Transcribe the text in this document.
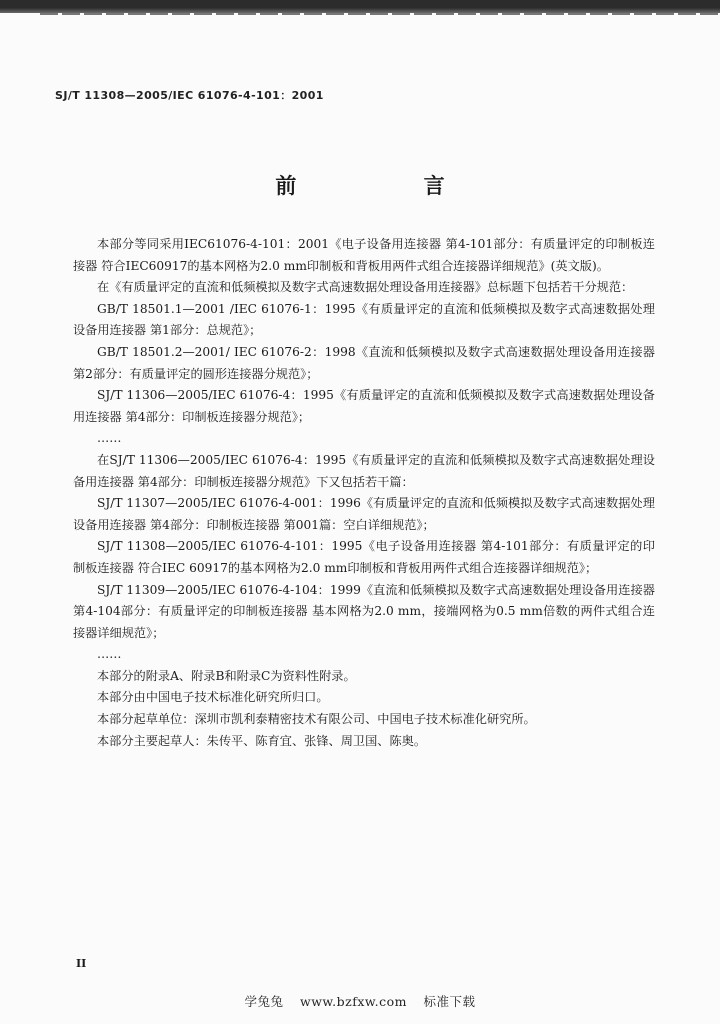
SJ/T 11308—2005/IEC 61076-4-101：2001
前 言

本部分等同采用IEC61076-4-101：2001《电子设备用连接器 第4-101部分：有质量评定的印制板连接器 符合IEC60917的基本网格为2.0 mm印制板和背板用两件式组合连接器详细规范》(英文版)。

在《有质量评定的直流和低频模拟及数字式高速数据处理设备用连接器》总标题下包括若干分规范：

GB/T 18501.1—2001 /IEC 61076-1：1995《有质量评定的直流和低频模拟及数字式高速数据处理设备用连接器 第1部分：总规范》；

GB/T 18501.2—2001/ IEC 61076-2：1998《直流和低频模拟及数字式高速数据处理设备用连接器 第2部分：有质量评定的圆形连接器分规范》；

SJ/T 11306—2005/IEC 61076-4：1995《有质量评定的直流和低频模拟及数字式高速数据处理设备用连接器 第4部分：印制板连接器分规范》；

……

在SJ/T 11306—2005/IEC 61076-4：1995《有质量评定的直流和低频模拟及数字式高速数据处理设备用连接器 第4部分：印制板连接器分规范》下又包括若干篇：

SJ/T 11307—2005/IEC 61076-4-001：1996《有质量评定的直流和低频模拟及数字式高速数据处理设备用连接器 第4部分：印制板连接器 第001篇：空白详细规范》；

SJ/T 11308—2005/IEC 61076-4-101：1995《电子设备用连接器 第4-101部分：有质量评定的印制板连接器 符合IEC 60917的基本网格为2.0 mm印制板和背板用两件式组合连接器详细规范》；

SJ/T 11309—2005/IEC 61076-4-104：1999《直流和低频模拟及数字式高速数据处理设备用连接器 第4-104部分：有质量评定的印制板连接器 基本网格为2.0 mm，接端网格为0.5 mm倍数的两件式组合连接器详细规范》；

……

本部分的附录A、附录B和附录C为资料性附录。

本部分由中国电子技术标准化研究所归口。

本部分起草单位：深圳市凯利泰精密技术有限公司、中国电子技术标准化研究所。

本部分主要起草人：朱传平、陈育宜、张锋、周卫国、陈奥。

II
学兔兔 www.bzfxw.com 标准下载
